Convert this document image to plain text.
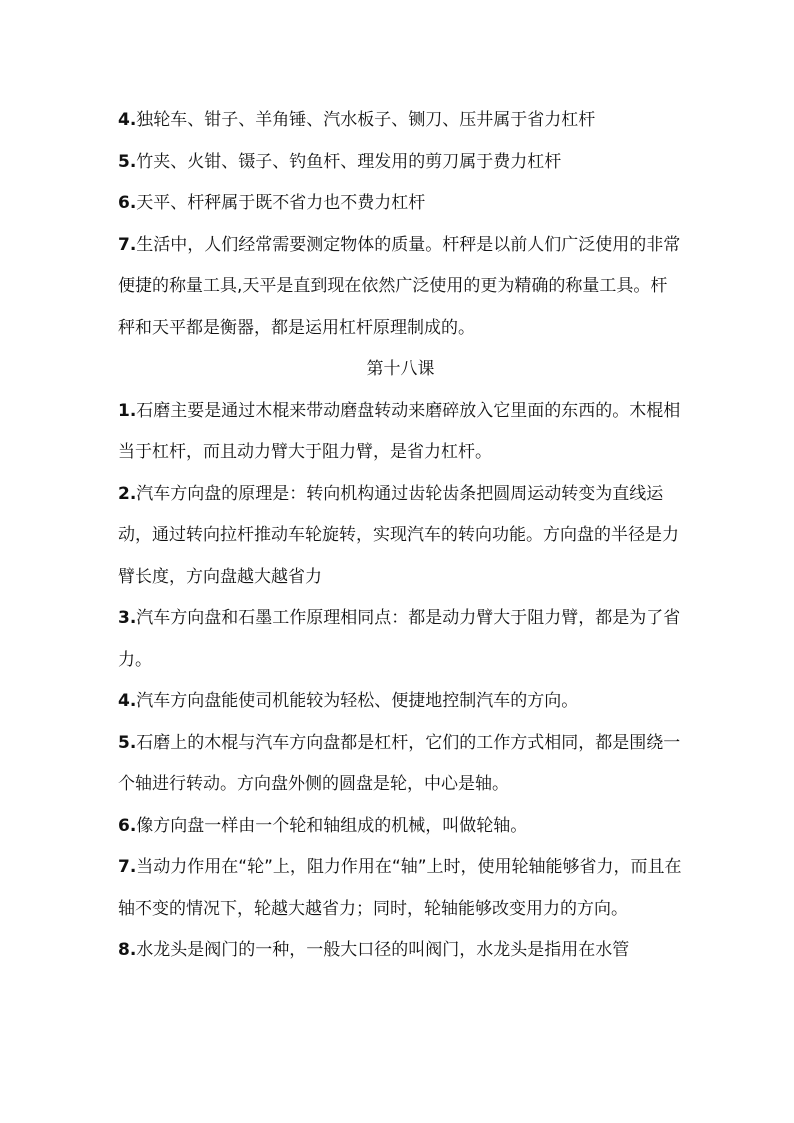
4.独轮车、钳子、羊角锤、汽水板子、铡刀、压井属于省力杠杆

5.竹夹、火钳、镊子、钓鱼杆、理发用的剪刀属于费力杠杆

6.天平、杆秤属于既不省力也不费力杠杆

7.生活中，人们经常需要测定物体的质量。杆秤是以前人们广泛使用的非常便捷的称量工具,天平是直到现在依然广泛使用的更为精确的称量工具。杆秤和天平都是衡器，都是运用杠杆原理制成的。

第十八课

1.石磨主要是通过木棍来带动磨盘转动来磨碎放入它里面的东西的。木棍相当于杠杆，而且动力臂大于阻力臂，是省力杠杆。

2.汽车方向盘的原理是：转向机构通过齿轮齿条把圆周运动转变为直线运动，通过转向拉杆推动车轮旋转，实现汽车的转向功能。方向盘的半径是力臂长度，方向盘越大越省力

3.汽车方向盘和石墨工作原理相同点：都是动力臂大于阻力臂，都是为了省力。

4.汽车方向盘能使司机能较为轻松、便捷地控制汽车的方向。

5.石磨上的木棍与汽车方向盘都是杠杆，它们的工作方式相同，都是围绕一个轴进行转动。方向盘外侧的圆盘是轮，中心是轴。

6.像方向盘一样由一个轮和轴组成的机械，叫做轮轴。

7.当动力作用在“轮”上，阻力作用在“轴”上时，使用轮轴能够省力，而且在轴不变的情况下，轮越大越省力；同时，轮轴能够改变用力的方向。

8.水龙头是阀门的一种，一般大口径的叫阀门，水龙头是指用在水管
